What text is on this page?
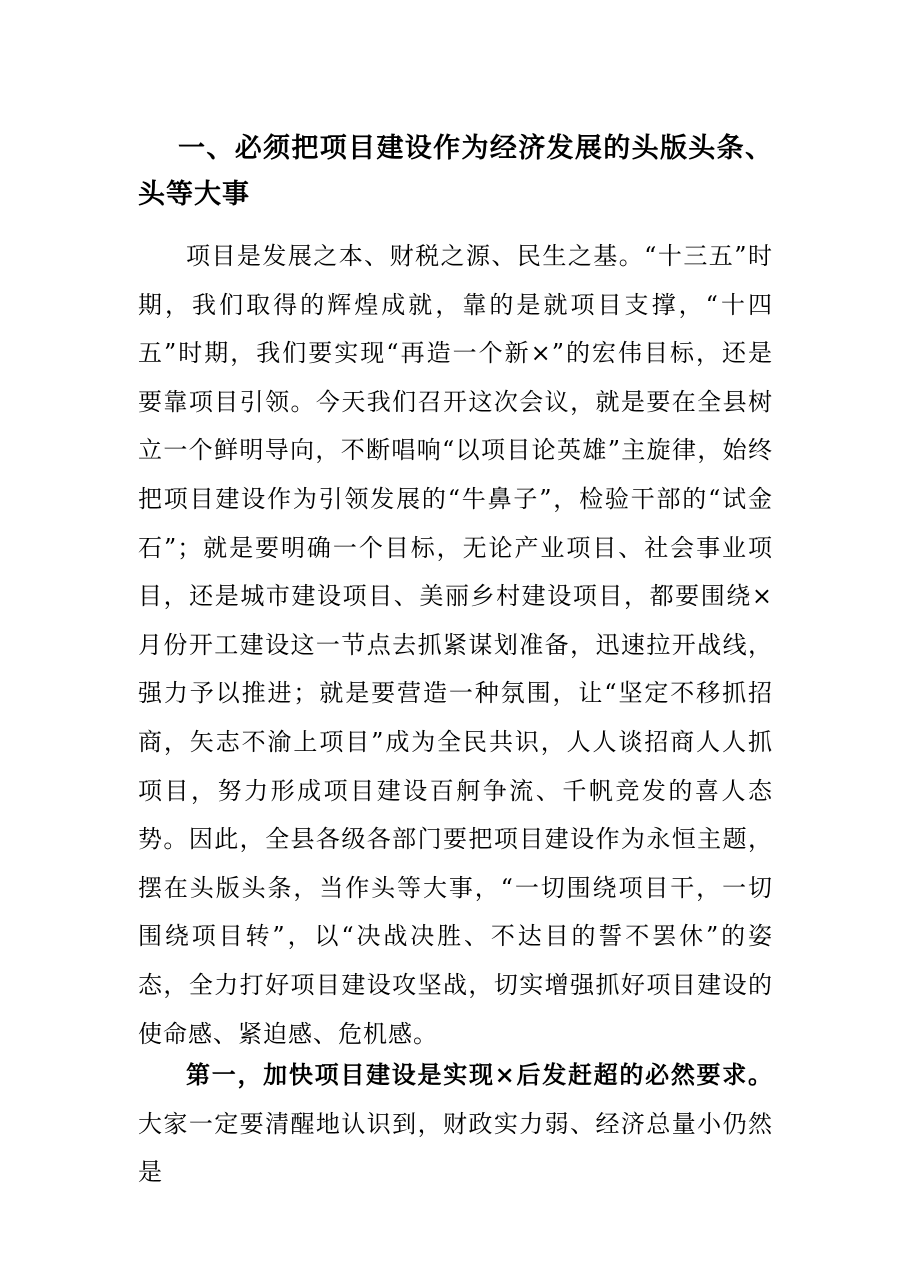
一、必须把项目建设作为经济发展的头版头条、头等大事

项目是发展之本、财税之源、民生之基。“十三五”时期，我们取得的辉煌成就，靠的是就项目支撑，“十四五”时期，我们要实现“再造一个新×”的宏伟目标，还是要靠项目引领。今天我们召开这次会议，就是要在全县树立一个鲜明导向，不断唱响“以项目论英雄”主旋律，始终把项目建设作为引领发展的“牛鼻子”，检验干部的“试金石”；就是要明确一个目标，无论产业项目、社会事业项目，还是城市建设项目、美丽乡村建设项目，都要围绕×月份开工建设这一节点去抓紧谋划准备，迅速拉开战线，强力予以推进；就是要营造一种氛围，让“坚定不移抓招商，矢志不渝上项目”成为全民共识，人人谈招商人人抓项目，努力形成项目建设百舸争流、千帆竞发的喜人态势。因此，全县各级各部门要把项目建设作为永恒主题，摆在头版头条，当作头等大事，“一切围绕项目干，一切围绕项目转”，以“决战决胜、不达目的誓不罢休”的姿态，全力打好项目建设攻坚战，切实增强抓好项目建设的使命感、紧迫感、危机感。

第一，加快项目建设是实现×后发赶超的必然要求。大家一定要清醒地认识到，财政实力弱、经济总量小仍然是
